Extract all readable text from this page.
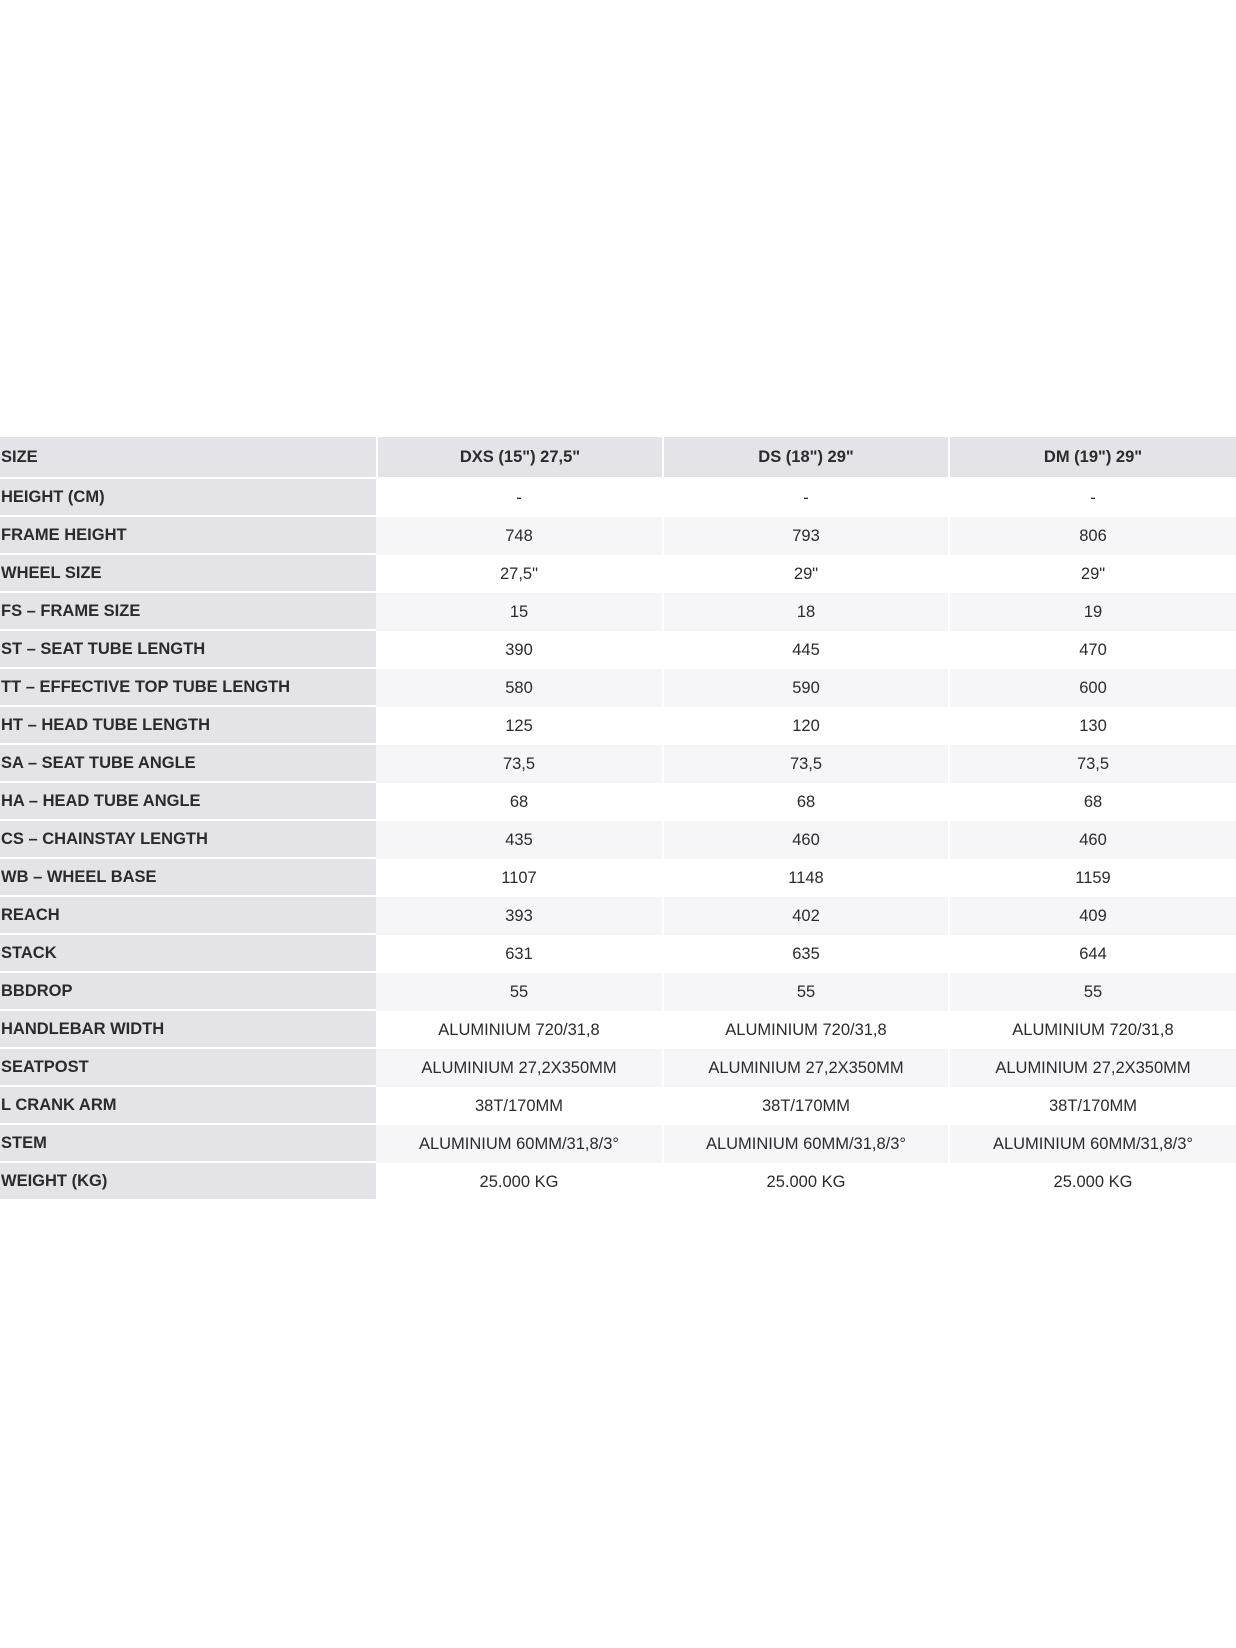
SIZE	DXS (15") 27,5"	DS (18") 29"	DM (19") 29"
HEIGHT (CM)	-	-	-
FRAME HEIGHT	748	793	806
WHEEL SIZE	27,5"	29"	29"
FS – FRAME SIZE	15	18	19
ST – SEAT TUBE LENGTH	390	445	470
TT – EFFECTIVE TOP TUBE LENGTH	580	590	600
HT – HEAD TUBE LENGTH	125	120	130
SA – SEAT TUBE ANGLE	73,5	73,5	73,5
HA – HEAD TUBE ANGLE	68	68	68
CS – CHAINSTAY LENGTH	435	460	460
WB – WHEEL BASE	1107	1148	1159
REACH	393	402	409
STACK	631	635	644
BBDROP	55	55	55
HANDLEBAR WIDTH	ALUMINIUM 720/31,8	ALUMINIUM 720/31,8	ALUMINIUM 720/31,8
SEATPOST	ALUMINIUM 27,2X350MM	ALUMINIUM 27,2X350MM	ALUMINIUM 27,2X350MM
L CRANK ARM	38T/170MM	38T/170MM	38T/170MM
STEM	ALUMINIUM 60MM/31,8/3°	ALUMINIUM 60MM/31,8/3°	ALUMINIUM 60MM/31,8/3°
WEIGHT (KG)	25.000 KG	25.000 KG	25.000 KG
